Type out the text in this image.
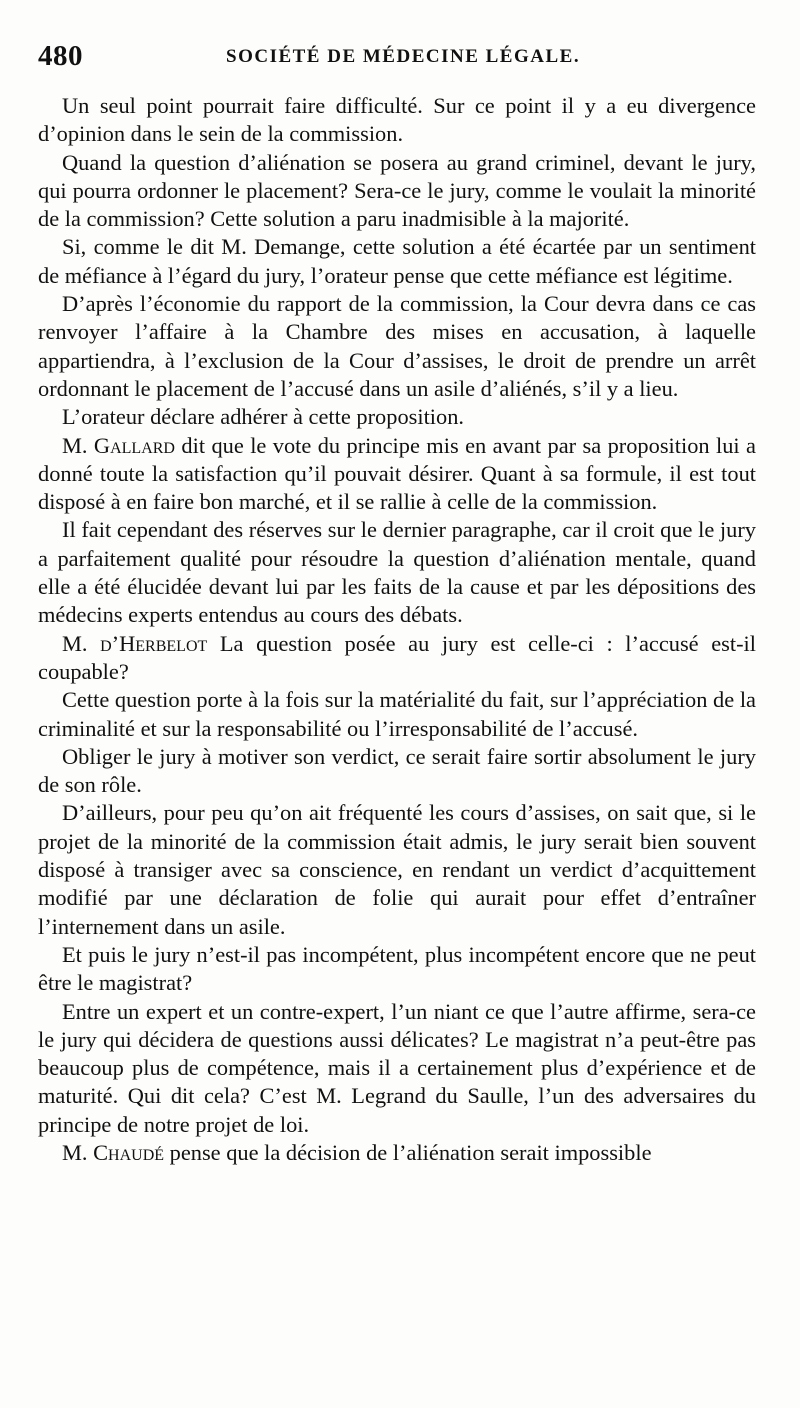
480	SOCIÉTÉ DE MÉDECINE LÉGALE.

Un seul point pourrait faire difficulté. Sur ce point il y a eu divergence d’opinion dans le sein de la commission.

Quand la question d’aliénation se posera au grand criminel, devant le jury, qui pourra ordonner le placement? Sera-ce le jury, comme le voulait la minorité de la commission? Cette solution a paru inadmisible à la majorité.

Si, comme le dit M. Demange, cette solution a été écartée par un sentiment de méfiance à l’égard du jury, l’orateur pense que cette méfiance est légitime.

D’après l’économie du rapport de la commission, la Cour devra dans ce cas renvoyer l’affaire à la Chambre des mises en accusation, à laquelle appartiendra, à l’exclusion de la Cour d’assises, le droit de prendre un arrêt ordonnant le placement de l’accusé dans un asile d’aliénés, s’il y a lieu.

L’orateur déclare adhérer à cette proposition.

M. Gallard dit que le vote du principe mis en avant par sa proposition lui a donné toute la satisfaction qu’il pouvait désirer. Quant à sa formule, il est tout disposé à en faire bon marché, et il se rallie à celle de la commission.

Il fait cependant des réserves sur le dernier paragraphe, car il croit que le jury a parfaitement qualité pour résoudre la question d’aliénation mentale, quand elle a été élucidée devant lui par les faits de la cause et par les dépositions des médecins experts entendus au cours des débats.

M. d’Herbelot La question posée au jury est celle-ci : l’accusé est-il coupable?

Cette question porte à la fois sur la matérialité du fait, sur l’appréciation de la criminalité et sur la responsabilité ou l’irresponsabilité de l’accusé.

Obliger le jury à motiver son verdict, ce serait faire sortir absolument le jury de son rôle.

D’ailleurs, pour peu qu’on ait fréquenté les cours d’assises, on sait que, si le projet de la minorité de la commission était admis, le jury serait bien souvent disposé à transiger avec sa conscience, en rendant un verdict d’acquittement modifié par une déclaration de folie qui aurait pour effet d’entraîner l’internement dans un asile.

Et puis le jury n’est-il pas incompétent, plus incompétent encore que ne peut être le magistrat?

Entre un expert et un contre-expert, l’un niant ce que l’autre affirme, sera-ce le jury qui décidera de questions aussi délicates? Le magistrat n’a peut-être pas beaucoup plus de compétence, mais il a certainement plus d’expérience et de maturité. Qui dit cela? C’est M. Legrand du Saulle, l’un des adversaires du principe de notre projet de loi.

M. Chaudé pense que la décision de l’aliénation serait impossible
